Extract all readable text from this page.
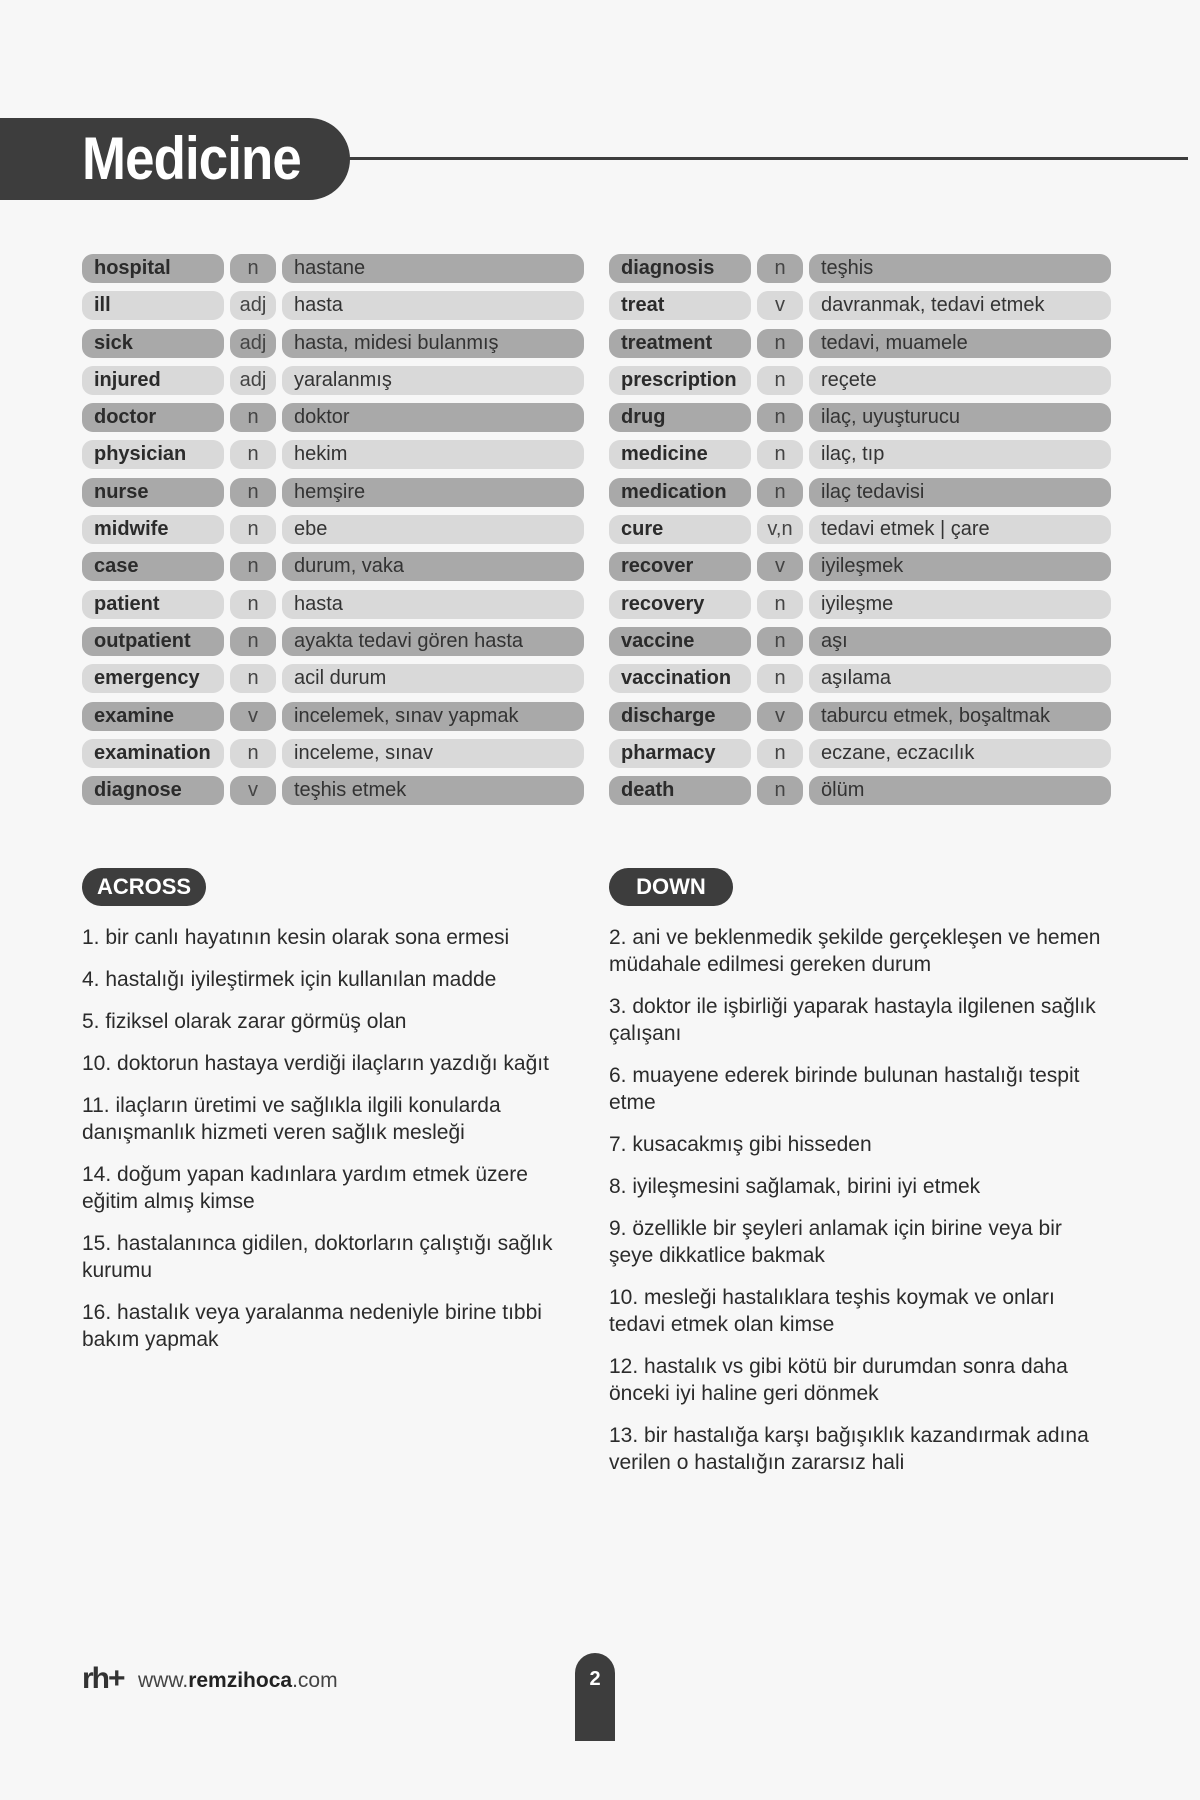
Medicine
hospital	n	hastane
ill	adj	hasta
sick	adj	hasta, midesi bulanmış
injured	adj	yaralanmış
doctor	n	doktor
physician	n	hekim
nurse	n	hemşire
midwife	n	ebe
case	n	durum, vaka
patient	n	hasta
outpatient	n	ayakta tedavi gören hasta
emergency	n	acil durum
examine	v	incelemek, sınav yapmak
examination	n	inceleme, sınav
diagnose	v	teşhis etmek
diagnosis	n	teşhis
treat	v	davranmak, tedavi etmek
treatment	n	tedavi, muamele
prescription	n	reçete
drug	n	ilaç, uyuşturucu
medicine	n	ilaç, tıp
medication	n	ilaç tedavisi
cure	v,n	tedavi etmek | çare
recover	v	iyileşmek
recovery	n	iyileşme
vaccine	n	aşı
vaccination	n	aşılama
discharge	v	taburcu etmek, boşaltmak
pharmacy	n	eczane, eczacılık
death	n	ölüm
ACROSS	DOWN
1. bir canlı hayatının kesin olarak sona ermesi
4. hastalığı iyileştirmek için kullanılan madde
5. fiziksel olarak zarar görmüş olan
10. doktorun hastaya verdiği ilaçların yazdığı kağıt
11. ilaçların üretimi ve sağlıkla ilgili konularda danışmanlık hizmeti veren sağlık mesleği
14. doğum yapan kadınlara yardım etmek üzere eğitim almış kimse
15. hastalanınca gidilen, doktorların çalıştığı sağlık kurumu
16. hastalık veya yaralanma nedeniyle birine tıbbi bakım yapmak
2. ani ve beklenmedik şekilde gerçekleşen ve hemen müdahale edilmesi gereken durum
3. doktor ile işbirliği yaparak hastayla ilgilenen sağlık çalışanı
6. muayene ederek birinde bulunan hastalığı tespit etme
7. kusacakmış gibi hisseden
8. iyileşmesini sağlamak, birini iyi etmek
9. özellikle bir şeyleri anlamak için birine veya bir şeye dikkatlice bakmak
10. mesleği hastalıklara teşhis koymak ve onları tedavi etmek olan kimse
12. hastalık vs gibi kötü bir durumdan sonra daha önceki iyi haline geri dönmek
13. bir hastalığa karşı bağışıklık kazandırmak adına verilen o hastalığın zararsız hali
rh+ www.remzihoca.com	2
